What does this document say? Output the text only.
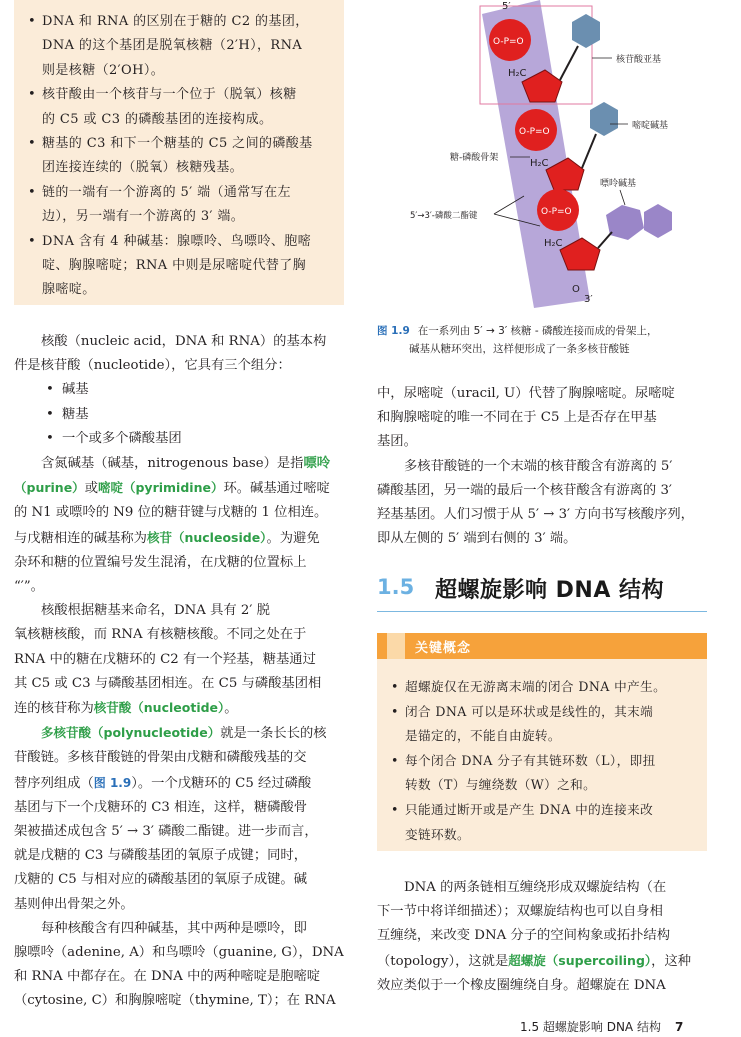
• DNA 和 RNA 的区别在于糖的 C2 的基团，
DNA 的这个基团是脱氧核糖（2′H），RNA
则是核糖（2′OH）。
• 核苷酸由一个核苷与一个位于（脱氧）核糖
的 C5 或 C3 的磷酸基团的连接构成。
• 糖基的 C3 和下一个糖基的 C5 之间的磷酸基
团连接连续的（脱氧）核糖残基。
• 链的一端有一个游离的 5′ 端（通常写在左
边），另一端有一个游离的 3′ 端。
• DNA 含有 4 种碱基：腺嘌呤、鸟嘌呤、胞嘧
啶、胸腺嘧啶；RNA 中则是尿嘧啶代替了胸
腺嘧啶。

核酸（nucleic acid，DNA 和 RNA）的基本构
件是核苷酸（nucleotide），它具有三个组分：

• 碱基
• 糖基
• 一个或多个磷酸基团

含氮碱基（碱基，nitrogenous base）是指嘌呤
（purine）或嘧啶（pyrimidine）环。碱基通过嘧啶
的 N1 或嘌呤的 N9 位的糖苷键与戊糖的 1 位相连。
与戊糖相连的碱基称为核苷（nucleoside）。为避免
杂环和糖的位置编号发生混淆，在戊糖的位置标上
“′”。

核酸根据糖基来命名，DNA 具有 2′ 脱
氧核糖核酸，而 RNA 有核糖核酸。不同之处在于
RNA 中的糖在戊糖环的 C2 有一个羟基，糖基通过
其 C5 或 C3 与磷酸基团相连。在 C5 与磷酸基团相
连的核苷称为核苷酸（nucleotide）。

多核苷酸（polynucleotide）就是一条长长的核
苷酸链。多核苷酸链的骨架由戊糖和磷酸残基的交
替序列组成（图 1.9）。一个戊糖环的 C5 经过磷酸
基团与下一个戊糖环的 C3 相连，这样，糖磷酸骨
架被描述成包含 5′ → 3′ 磷酸二酯键。进一步而言，
就是戊糖的 C3 与磷酸基团的氧原子成键；同时，
戊糖的 C5 与相对应的磷酸基团的氧原子成键。碱
基则伸出骨架之外。

每种核酸含有四种碱基，其中两种是嘌呤，即
腺嘌呤（adenine, A）和鸟嘌呤（guanine, G），DNA
和 RNA 中都存在。在 DNA 中的两种嘧啶是胞嘧啶
（cytosine, C）和胸腺嘧啶（thymine, T）；在 RNA

5′
3′
O-P=O
H₂C
O-P=O
H₂C
O-P=O
H₂C
O
核苷酸亚基
嘧啶碱基
糖-磷酸骨架
嘌呤碱基
5′→3′-磷酸二酯键
图 1.9 在一系列由 5′ → 3′ 核糖 - 磷酸连接而成的骨架上，
碱基从糖环突出，这样便形成了一条多核苷酸链

中，尿嘧啶（uracil, U）代替了胸腺嘧啶。尿嘧啶
和胸腺嘧啶的唯一不同在于 C5 上是否存在甲基
基团。

多核苷酸链的一个末端的核苷酸含有游离的 5′
磷酸基团，另一端的最后一个核苷酸含有游离的 3′
羟基基团。人们习惯于从 5′ → 3′ 方向书写核酸序列，
即从左侧的 5′ 端到右侧的 3′ 端。

1.5 超螺旋影响 DNA 结构
关键概念
• 超螺旋仅在无游离末端的闭合 DNA 中产生。
• 闭合 DNA 可以是环状或是线性的，其末端
是锚定的，不能自由旋转。
• 每个闭合 DNA 分子有其链环数（L），即扭
转数（T）与缠绕数（W）之和。
• 只能通过断开或是产生 DNA 中的连接来改
变链环数。

DNA 的两条链相互缠绕形成双螺旋结构（在
下一节中将详细描述）；双螺旋结构也可以自身相
互缠绕，来改变 DNA 分子的空间构象或拓扑结构
（topology），这就是超螺旋（supercoiling），这种
效应类似于一个橡皮圈缠绕自身。超螺旋在 DNA

1.5 超螺旋影响 DNA 结构 7
